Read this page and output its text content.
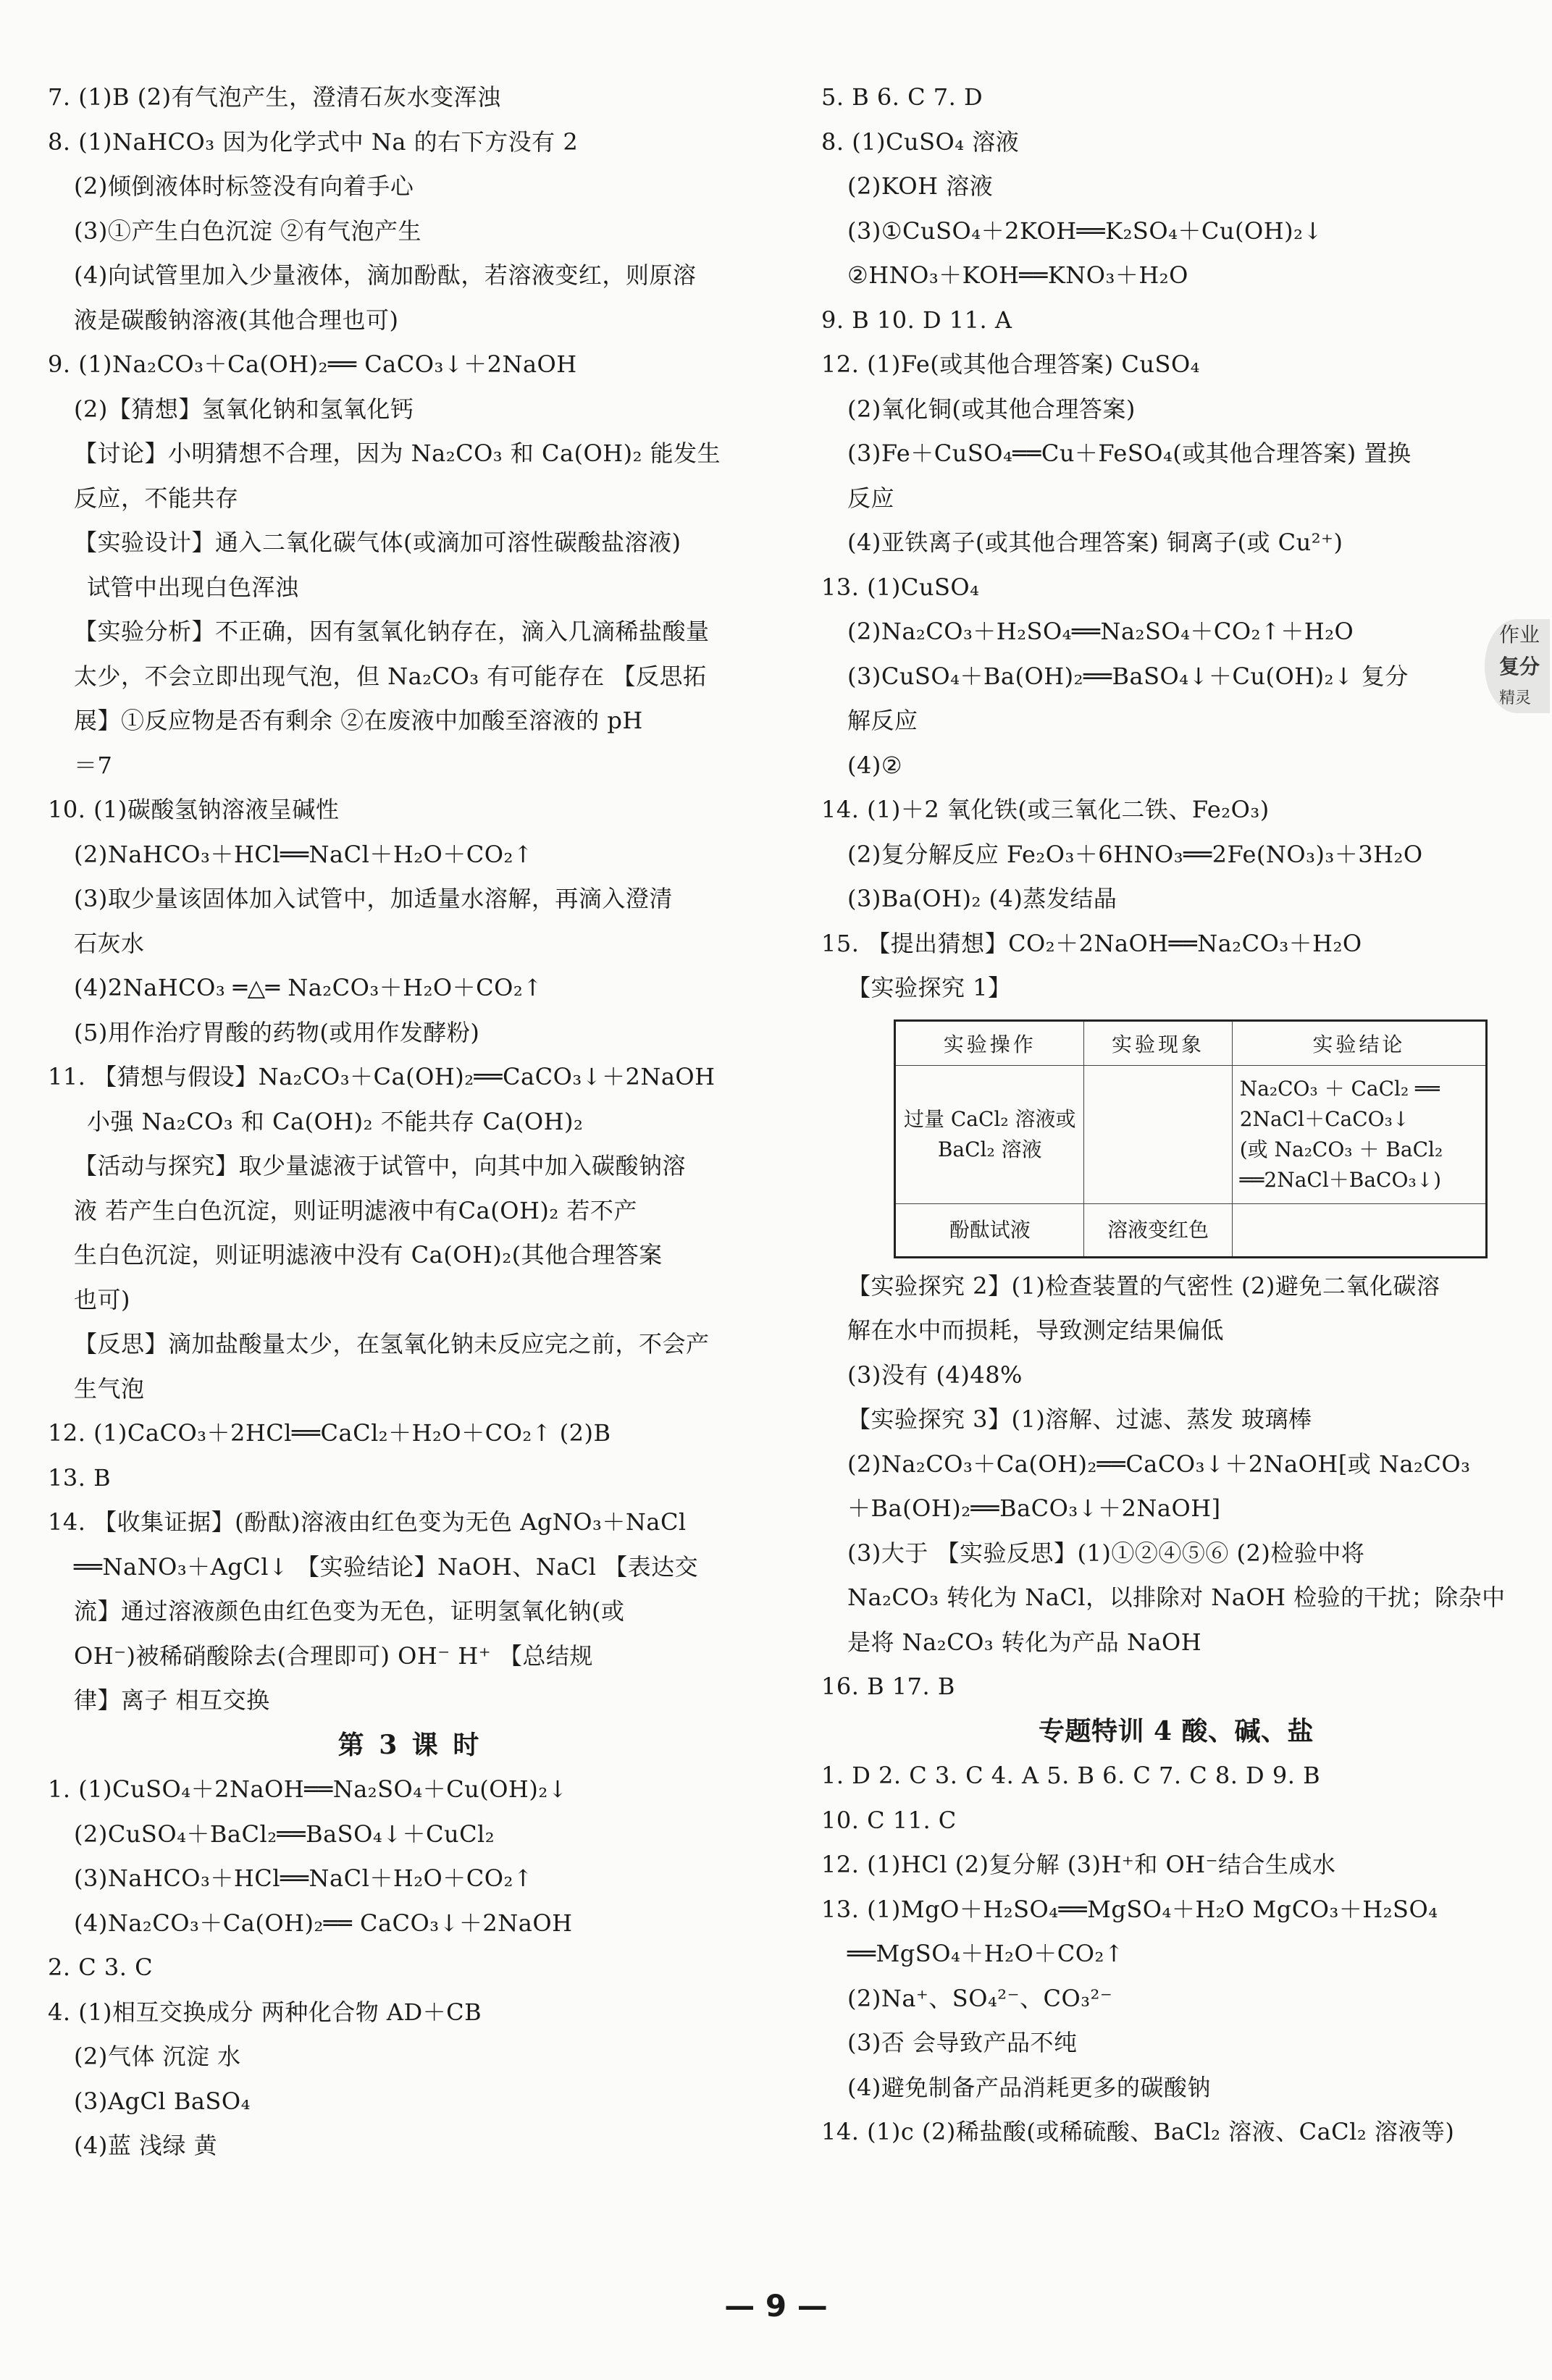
7. (1)B (2)有气泡产生，澄清石灰水变浑浊
8. (1)NaHCO₃ 因为化学式中 Na 的右下方没有 2
(2)倾倒液体时标签没有向着手心
(3)①产生白色沉淀 ②有气泡产生
(4)向试管里加入少量液体，滴加酚酞，若溶液变红，则原溶
液是碳酸钠溶液(其他合理也可)
9. (1)Na₂CO₃＋Ca(OH)₂══ CaCO₃↓＋2NaOH
(2)【猜想】氢氧化钠和氢氧化钙
【讨论】小明猜想不合理，因为 Na₂CO₃ 和 Ca(OH)₂ 能发生
反应，不能共存
【实验设计】通入二氧化碳气体(或滴加可溶性碳酸盐溶液)
试管中出现白色浑浊
【实验分析】不正确，因有氢氧化钠存在，滴入几滴稀盐酸量
太少，不会立即出现气泡，但 Na₂CO₃ 有可能存在 【反思拓
展】①反应物是否有剩余 ②在废液中加酸至溶液的 pH
＝7
10. (1)碳酸氢钠溶液呈碱性
(2)NaHCO₃＋HCl══NaCl＋H₂O＋CO₂↑
(3)取少量该固体加入试管中，加适量水溶解，再滴入澄清
石灰水
(4)2NaHCO₃ ═△═ Na₂CO₃＋H₂O＋CO₂↑
(5)用作治疗胃酸的药物(或用作发酵粉)
11. 【猜想与假设】Na₂CO₃＋Ca(OH)₂══CaCO₃↓＋2NaOH
小强 Na₂CO₃ 和 Ca(OH)₂ 不能共存 Ca(OH)₂
【活动与探究】取少量滤液于试管中，向其中加入碳酸钠溶
液 若产生白色沉淀，则证明滤液中有Ca(OH)₂ 若不产
生白色沉淀，则证明滤液中没有 Ca(OH)₂(其他合理答案
也可)
【反思】滴加盐酸量太少，在氢氧化钠未反应完之前，不会产
生气泡
12. (1)CaCO₃＋2HCl══CaCl₂＋H₂O＋CO₂↑ (2)B
13. B
14. 【收集证据】(酚酞)溶液由红色变为无色 AgNO₃＋NaCl
══NaNO₃＋AgCl↓ 【实验结论】NaOH、NaCl 【表达交
流】通过溶液颜色由红色变为无色，证明氢氧化钠(或
OH⁻)被稀硝酸除去(合理即可) OH⁻ H⁺ 【总结规
律】离子 相互交换
第 3 课 时
1. (1)CuSO₄＋2NaOH══Na₂SO₄＋Cu(OH)₂↓
(2)CuSO₄＋BaCl₂══BaSO₄↓＋CuCl₂
(3)NaHCO₃＋HCl══NaCl＋H₂O＋CO₂↑
(4)Na₂CO₃＋Ca(OH)₂══ CaCO₃↓＋2NaOH
2. C 3. C
4. (1)相互交换成分 两种化合物 AD＋CB
(2)气体 沉淀 水
(3)AgCl BaSO₄
(4)蓝 浅绿 黄
5. B 6. C 7. D
8. (1)CuSO₄ 溶液
(2)KOH 溶液
(3)①CuSO₄＋2KOH══K₂SO₄＋Cu(OH)₂↓
②HNO₃＋KOH══KNO₃＋H₂O
9. B 10. D 11. A
12. (1)Fe(或其他合理答案) CuSO₄
(2)氧化铜(或其他合理答案)
(3)Fe＋CuSO₄══Cu＋FeSO₄(或其他合理答案) 置换
反应
(4)亚铁离子(或其他合理答案) 铜离子(或 Cu²⁺)
13. (1)CuSO₄
(2)Na₂CO₃＋H₂SO₄══Na₂SO₄＋CO₂↑＋H₂O
(3)CuSO₄＋Ba(OH)₂══BaSO₄↓＋Cu(OH)₂↓ 复分
解反应
(4)②
14. (1)＋2 氧化铁(或三氧化二铁、Fe₂O₃)
(2)复分解反应 Fe₂O₃＋6HNO₃══2Fe(NO₃)₃＋3H₂O
(3)Ba(OH)₂ (4)蒸发结晶
15. 【提出猜想】CO₂＋2NaOH══Na₂CO₃＋H₂O
【实验探究 1】
实验操作	实验现象	实验结论
过量 CaCl₂ 溶液或 BaCl₂ 溶液		Na₂CO₃ ＋ CaCl₂ ══
2NaCl＋CaCO₃↓
(或 Na₂CO₃ ＋ BaCl₂
══2NaCl＋BaCO₃↓)

酚酞试液	溶液变红色	
【实验探究 2】(1)检查装置的气密性 (2)避免二氧化碳溶
解在水中而损耗，导致测定结果偏低
(3)没有 (4)48%
【实验探究 3】(1)溶解、过滤、蒸发 玻璃棒
(2)Na₂CO₃＋Ca(OH)₂══CaCO₃↓＋2NaOH[或 Na₂CO₃
＋Ba(OH)₂══BaCO₃↓＋2NaOH]
(3)大于 【实验反思】(1)①②④⑤⑥ (2)检验中将
Na₂CO₃ 转化为 NaCl，以排除对 NaOH 检验的干扰；除杂中
是将 Na₂CO₃ 转化为产品 NaOH
16. B 17. B
专题特训 4 酸、碱、盐
1. D 2. C 3. C 4. A 5. B 6. C 7. C 8. D 9. B
10. C 11. C
12. (1)HCl (2)复分解 (3)H⁺和 OH⁻结合生成水
13. (1)MgO＋H₂SO₄══MgSO₄＋H₂O MgCO₃＋H₂SO₄
══MgSO₄＋H₂O＋CO₂↑
(2)Na⁺、SO₄²⁻、CO₃²⁻
(3)否 会导致产品不纯
(4)避免制备产品消耗更多的碳酸钠
14. (1)c (2)稀盐酸(或稀硫酸、BaCl₂ 溶液、CaCl₂ 溶液等)
作业
复分
精灵
— 9 —
